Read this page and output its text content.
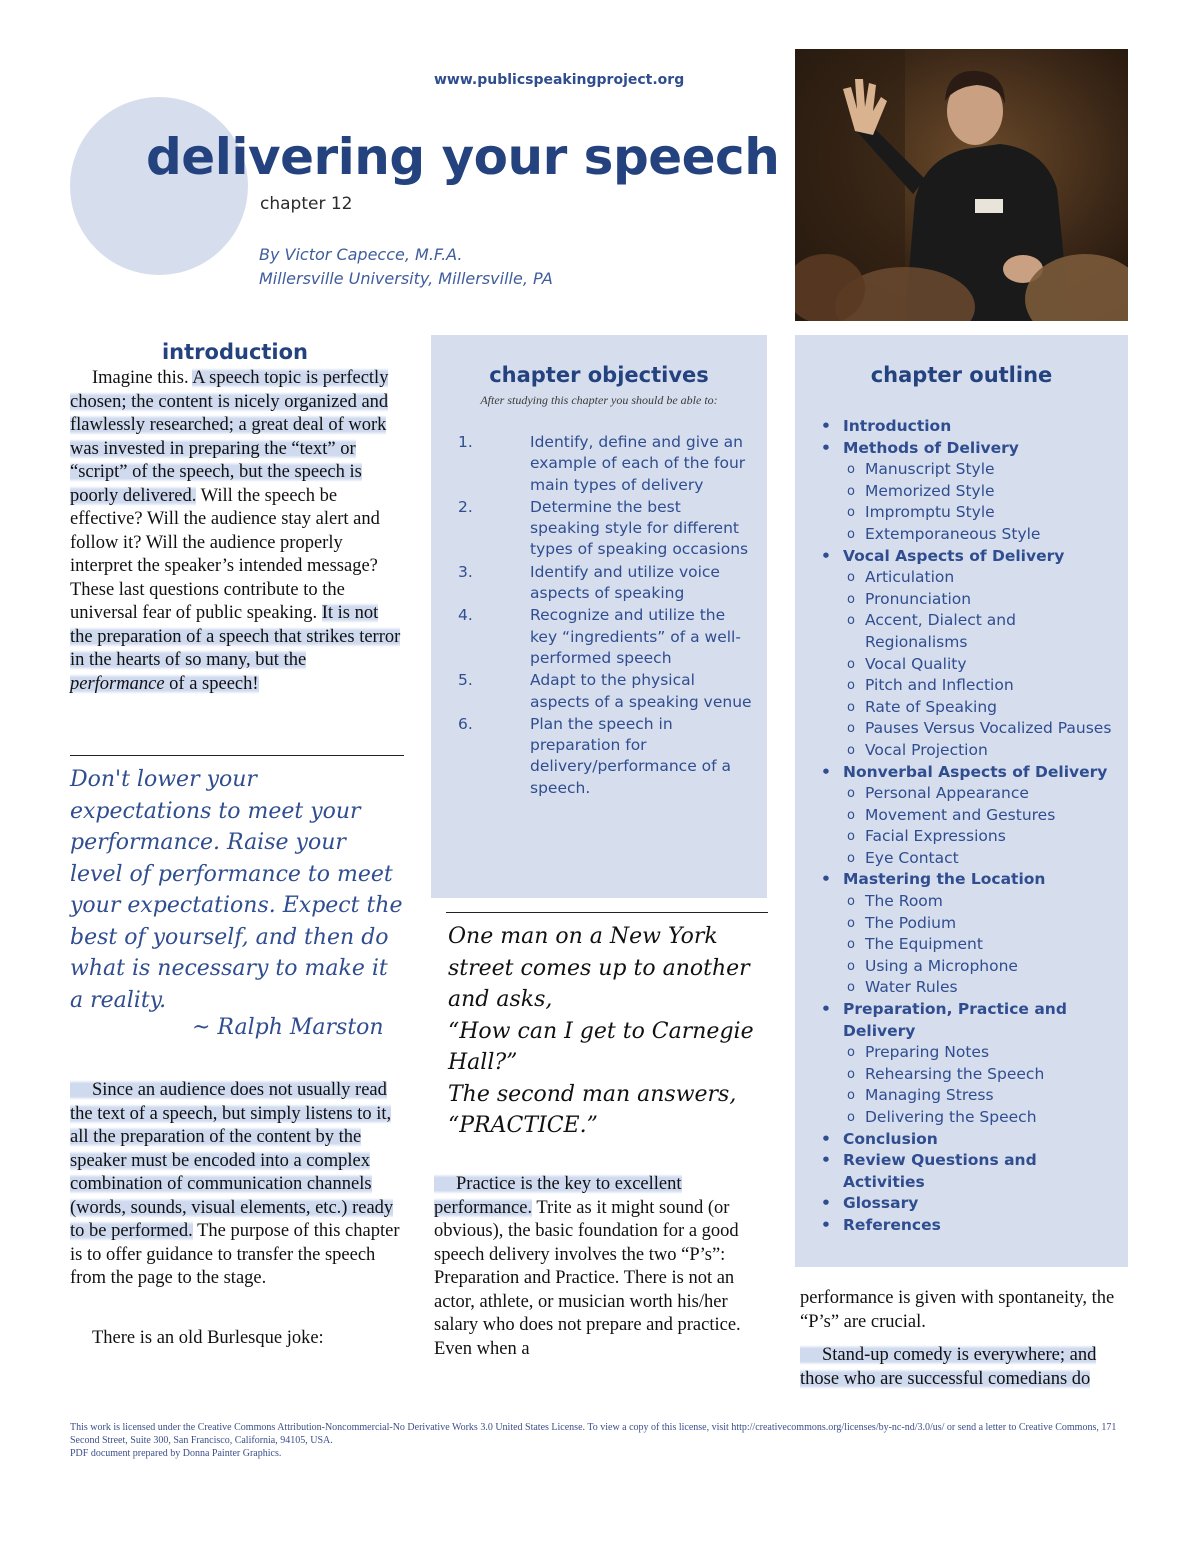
www.publicspeakingproject.org
delivering your speech
chapter 12
By Victor Capecce, M.F.A.
Millersville University, Millersville, PA
introduction

Imagine this. A speech topic is perfectly chosen; the content is nicely organized and flawlessly researched; a great deal of work was invested in preparing the “text” or “script” of the speech, but the speech is poorly delivered. Will the speech be effective? Will the audience stay alert and follow it? Will the audience properly interpret the speaker’s intended message? These last questions contribute to the universal fear of public speaking. It is not the preparation of a speech that strikes terror in the hearts of so many, but the performance of a speech!

Don't lower your expectations to meet your performance. Raise your level of performance to meet your expectations. Expect the best of yourself, and then do what is necessary to make it a reality.
~ Ralph Marston

Since an audience does not usually read the text of a speech, but simply listens to it, all the preparation of the content by the speaker must be encoded into a complex combination of communication channels (words, sounds, visual elements, etc.) ready to be performed. The purpose of this chapter is to offer guidance to transfer the speech from the page to the stage.

There is an old Burlesque joke:

chapter objectives
After studying this chapter you should be able to:
1.	Identify, define and give an example of each of the four main types of delivery
2.	Determine the best speaking style for different types of speaking occasions
3.	Identify and utilize voice aspects of speaking
4.	Recognize and utilize the key “ingredients” of a well-performed speech
5.	Adapt to the physical aspects of a speaking venue
6.	Plan the speech in preparation for delivery/performance of a speech.
One man on a New York street comes up to another and asks,
“How can I get to Carnegie Hall?”
The second man answers, “PRACTICE.”

Practice is the key to excellent performance. Trite as it might sound (or obvious), the basic foundation for a good speech delivery involves the two “P’s”: Preparation and Practice. There is not an actor, athlete, or musician worth his/her salary who does not prepare and practice. Even when a

chapter outline
• Introduction
• Methods of Delivery
o Manuscript Style
o Memorized Style
o Impromptu Style
o Extemporaneous Style
• Vocal Aspects of Delivery
o Articulation
o Pronunciation
o Accent, Dialect and Regionalisms
o Vocal Quality
o Pitch and Inflection
o Rate of Speaking
o Pauses Versus Vocalized Pauses
o Vocal Projection
• Nonverbal Aspects of Delivery
o Personal Appearance
o Movement and Gestures
o Facial Expressions
o Eye Contact
• Mastering the Location
o The Room
o The Podium
o The Equipment
o Using a Microphone
o Water Rules
• Preparation, Practice and Delivery
o Preparing Notes
o Rehearsing the Speech
o Managing Stress
o Delivering the Speech
• Conclusion
• Review Questions and Activities
• Glossary
• References

performance is given with spontaneity, the “P’s” are crucial.

Stand-up comedy is everywhere; and those who are successful comedians do

This work is licensed under the Creative Commons Attribution-Noncommercial-No Derivative Works 3.0 United States License. To view a copy of this license, visit http://creativecommons.org/licenses/by-nc-nd/3.0/us/ or send a letter to Creative Commons, 171 Second Street, Suite 300, San Francisco, California, 94105, USA.
PDF document prepared by Donna Painter Graphics.
